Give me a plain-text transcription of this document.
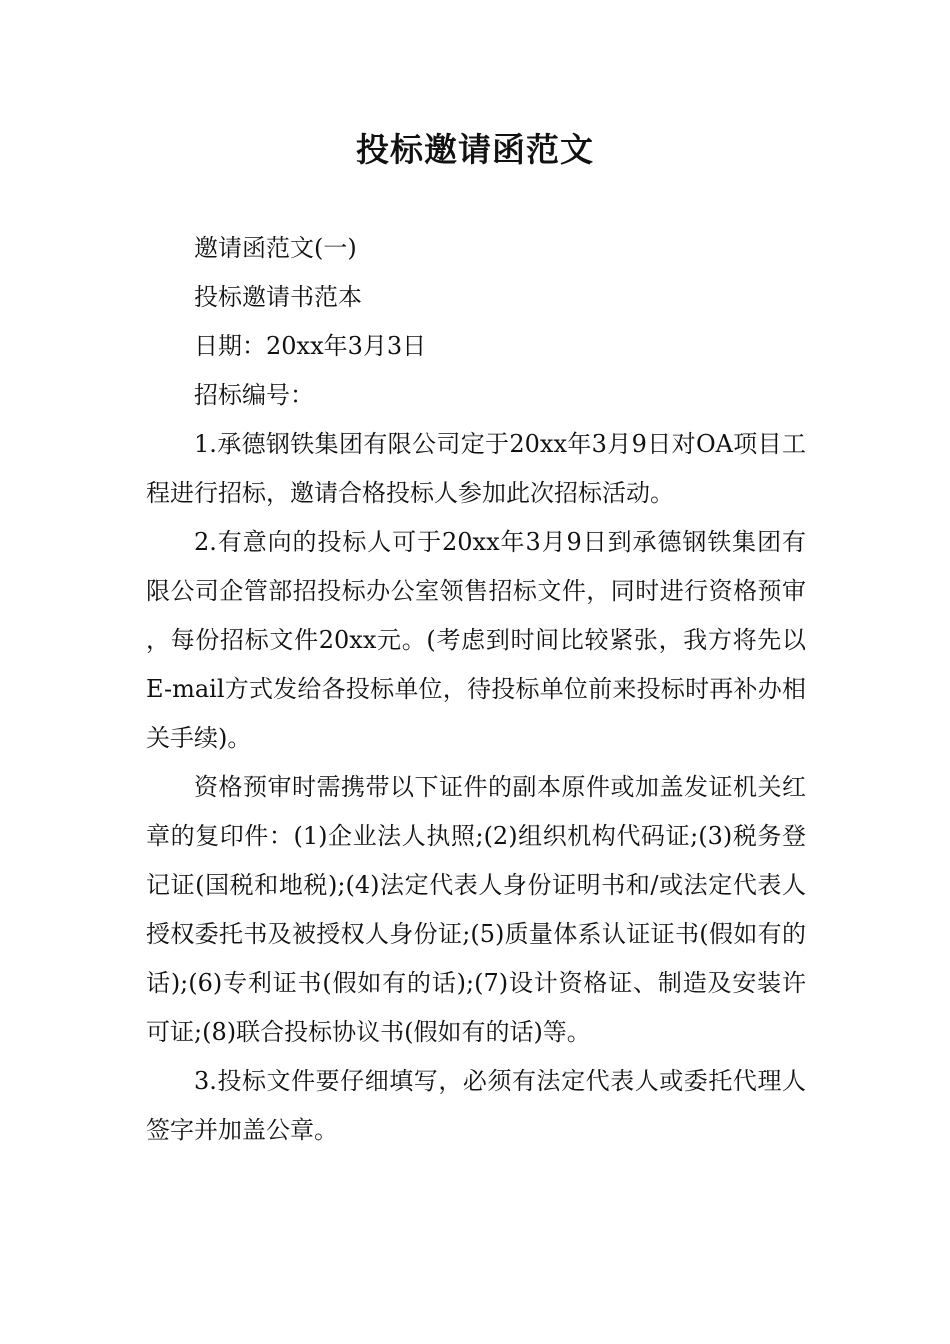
投标邀请函范文

邀请函范文(一)

投标邀请书范本

日期：20xx年3月3日

招标编号：

1.承德钢铁集团有限公司定于20xx年3月9日对OA项目工程进行招标，邀请合格投标人参加此次招标活动。

2.有意向的投标人可于20xx年3月9日到承德钢铁集团有限公司企管部招投标办公室领售招标文件，同时进行资格预审，每份招标文件20xx元。(考虑到时间比较紧张，我方将先以E-mail方式发给各投标单位，待投标单位前来投标时再补办相关手续)。

资格预审时需携带以下证件的副本原件或加盖发证机关红章的复印件：(1)企业法人执照;(2)组织机构代码证;(3)税务登记证(国税和地税);(4)法定代表人身份证明书和/或法定代表人授权委托书及被授权人身份证;(5)质量体系认证证书(假如有的话);(6)专利证书(假如有的话);(7)设计资格证、制造及安装许可证;(8)联合投标协议书(假如有的话)等。

3.投标文件要仔细填写，必须有法定代表人或委托代理人签字并加盖公章。
